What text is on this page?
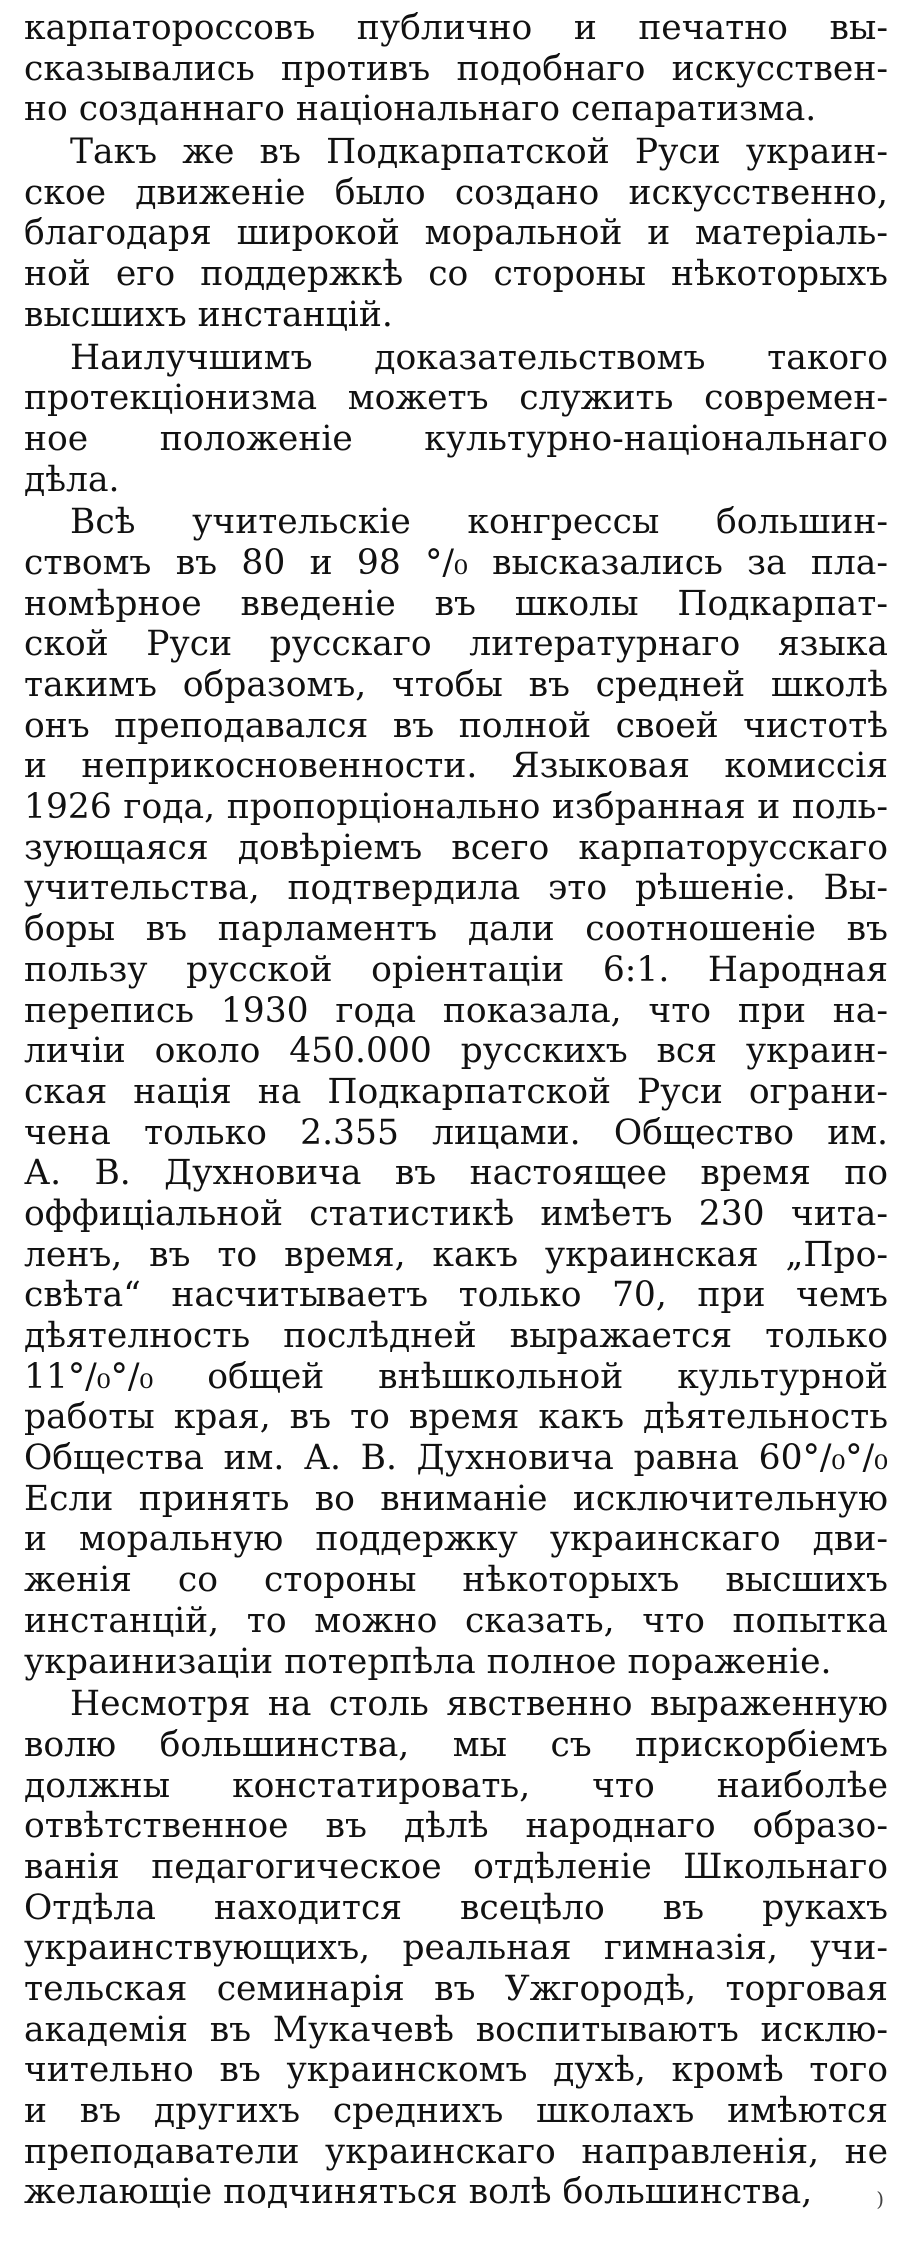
карпатороссовъ публично и печатно вы-
сказывались противъ подобнаго искусствен-
но созданнаго національнаго сепаратизма.
Такъ же въ Подкарпатской Руси украин-
ское движеніе было создано искусственно,
благодаря широкой моральной и матеріаль-
ной его поддержкѣ со стороны нѣкоторыхъ
высшихъ инстанцій.
Наилучшимъ доказательствомъ такого
протекціонизма можетъ служить современ-
ное положеніе культурно-національнаго
дѣла.
Всѣ учительскіе конгрессы большин-
ствомъ въ 80 и 98 °/₀ высказались за пла-
номѣрное введеніе въ школы Подкарпат-
ской Руси русскаго литературнаго языка
такимъ образомъ, чтобы въ средней школѣ
онъ преподавался въ полной своей чистотѣ
и неприкосновенности. Языковая комиссія
1926 года, пропорціонально избранная и поль-
зующаяся довѣріемъ всего карпаторусскаго
учительства, подтвердила это рѣшеніе. Вы-
боры въ парламентъ дали соотношеніе въ
пользу русской оріентаціи 6:1. Народная
перепись 1930 года показала, что при на-
личіи около 450.000 русскихъ вся украин-
ская нація на Подкарпатской Руси ограни-
чена только 2.355 лицами. Общество им.
А. В. Духновича въ настоящее время по
оффиціальной статистикѣ имѣетъ 230 чита-
ленъ, въ то время, какъ украинская „Про-
свѣта“ насчитываетъ только 70, при чемъ
дѣятелность послѣдней выражается только
11°/₀°/₀ общей внѣшкольной культурной
работы края, въ то время какъ дѣятельность
Общества им. А. В. Духновича равна 60°/₀°/₀
Если принять во вниманіе исключительную
и моральную поддержку украинскаго дви-
женія со стороны нѣкоторыхъ высшихъ
инстанцій, то можно сказать, что попытка
украинизаціи потерпѣла полное пораженіе.
Несмотря на столь явственно выраженную
волю большинства, мы съ прискорбіемъ
должны констатировать, что наиболѣе
отвѣтственное въ дѣлѣ народнаго образо-
ванія педагогическое отдѣленіе Школьнаго
Отдѣла находится всецѣло въ рукахъ
украинствующихъ, реальная гимназія, учи-
тельская семинарія въ Ужгородѣ, торговая
академія въ Мукачевѣ воспитываютъ исклю-
чительно въ украинскомъ духѣ, кромѣ того
и въ другихъ среднихъ школахъ имѣются
преподаватели украинскаго направленія, не
желающіе подчиняться волѣ большинства,	)
